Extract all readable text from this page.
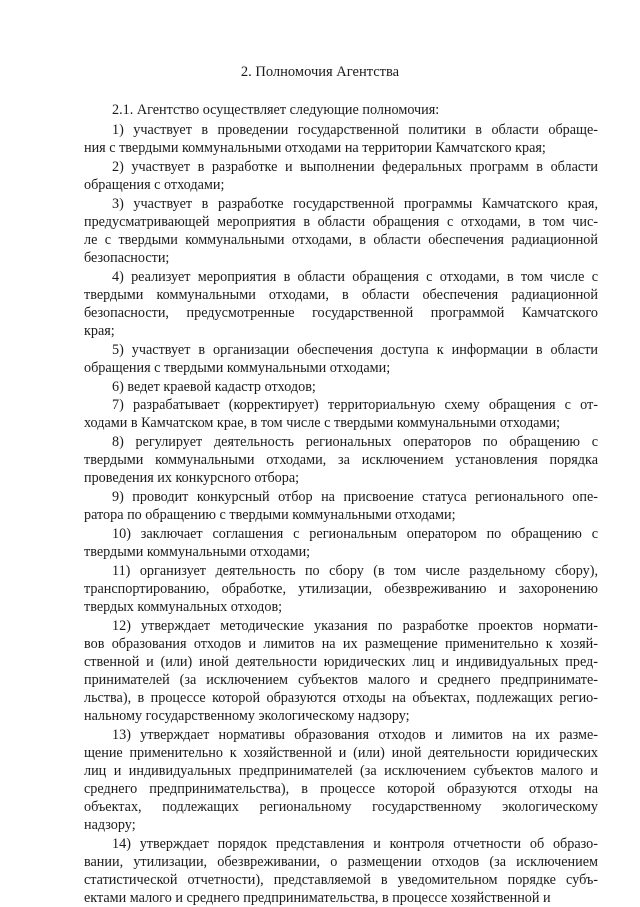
2. Полномочия Агентства
2.1. Агентство осуществляет следующие полномочия:
1) участвует в проведении государственной политики в области обраще-
ния с твердыми коммунальными отходами на территории Камчатского края;
2) участвует в разработке и выполнении федеральных программ в области
обращения с отходами;
3) участвует в разработке государственной программы Камчатского края,
предусматривающей мероприятия в области обращения с отходами, в том чис-
ле с твердыми коммунальными отходами, в области обеспечения радиационной
безопасности;
4) реализует мероприятия в области обращения с отходами, в том числе с
твердыми коммунальными отходами, в области обеспечения радиационной
безопасности, предусмотренные государственной программой Камчатского
края;
5) участвует в организации обеспечения доступа к информации в области
обращения с твердыми коммунальными отходами;
6) ведет краевой кадастр отходов;
7) разрабатывает (корректирует) территориальную схему обращения с от-
ходами в Камчатском крае, в том числе с твердыми коммунальными отходами;
8) регулирует деятельность региональных операторов по обращению с
твердыми коммунальными отходами, за исключением установления порядка
проведения их конкурсного отбора;
9) проводит конкурсный отбор на присвоение статуса регионального опе-
ратора по обращению с твердыми коммунальными отходами;
10) заключает соглашения с региональным оператором по обращению с
твердыми коммунальными отходами;
11) организует деятельность по сбору (в том числе раздельному сбору),
транспортированию, обработке, утилизации, обезвреживанию и захоронению
твердых коммунальных отходов;
12) утверждает методические указания по разработке проектов нормати-
вов образования отходов и лимитов на их размещение применительно к хозяй-
ственной и (или) иной деятельности юридических лиц и индивидуальных пред-
принимателей (за исключением субъектов малого и среднего предпринимате-
льства), в процессе которой образуются отходы на объектах, подлежащих регио-
нальному государственному экологическому надзору;
13) утверждает нормативы образования отходов и лимитов на их разме-
щение применительно к хозяйственной и (или) иной деятельности юридических
лиц и индивидуальных предпринимателей (за исключением субъектов малого и
среднего предпринимательства), в процессе которой образуются отходы на
объектах, подлежащих региональному государственному экологическому
надзору;
14) утверждает порядок представления и контроля отчетности об образо-
вании, утилизации, обезвреживании, о размещении отходов (за исключением
статистической отчетности), представляемой в уведомительном порядке субъ-
ектами малого и среднего предпринимательства, в процессе хозяйственной и
